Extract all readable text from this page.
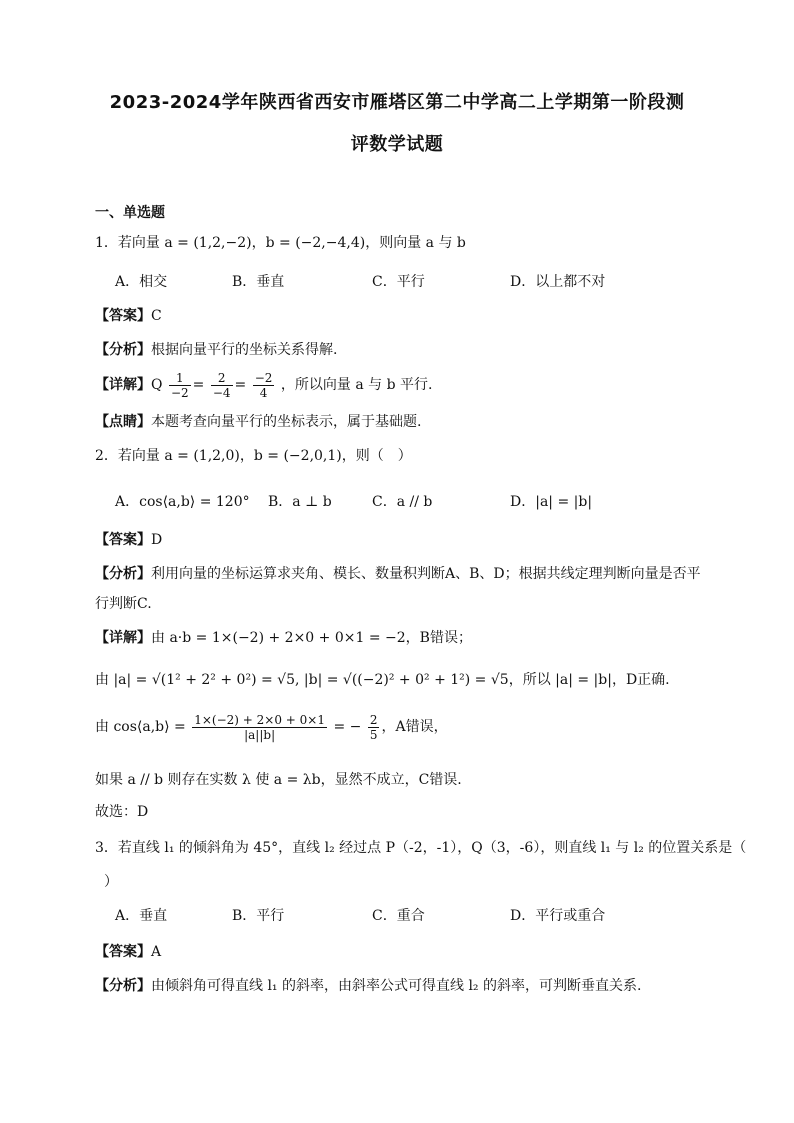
2023-2024学年陕西省西安市雁塔区第二中学高二上学期第一阶段测
评数学试题
一、单选题
1．若向量 a = (1,2,−2)，b = (−2,−4,4)，则向量 a 与 b
A．相交	B．垂直	C．平行	D．以上都不对
【答案】C
【分析】根据向量平行的坐标关系得解.
【详解】Q $\frac{1}{-2} = \frac{2}{-4} = \frac{-2}{4}$ ，所以向量 a 与 b 平行.
【点睛】本题考查向量平行的坐标表示，属于基础题.
2．若向量 a = (1,2,0)，b = (−2,0,1)，则（　）
A．cos⟨a,b⟩ = 120° B．a ⊥ b	C．a // b	D．|a| = |b|
【答案】D
【分析】利用向量的坐标运算求夹角、模长、数量积判断A、B、D；根据共线定理判断向量是否平
行判断C.
【详解】由 a·b = 1×(−2) + 2×0 + 0×1 = −2，B错误；
由 |a| = √(1² + 2² + 0²) = √5, |b| = √((−2)² + 0² + 1²) = √5，所以 |a| = |b|，D正确.
由 cos⟨a,b⟩ = $\frac{1\times(-2) + 2\times 0 + 0\times 1}{|a||b|}$ = − $\frac{2}{5}$ ，A错误，
如果 a // b 则存在实数 λ 使 a = λb，显然不成立，C错误.
故选：D
3．若直线 l₁ 的倾斜角为 45°，直线 l₂ 经过点 P（-2，-1），Q（3，-6），则直线 l₁ 与 l₂ 的位置关系是（
）
A．垂直	B．平行	C．重合	D．平行或重合
【答案】A
【分析】由倾斜角可得直线 l₁ 的斜率，由斜率公式可得直线 l₂ 的斜率，可判断垂直关系.
